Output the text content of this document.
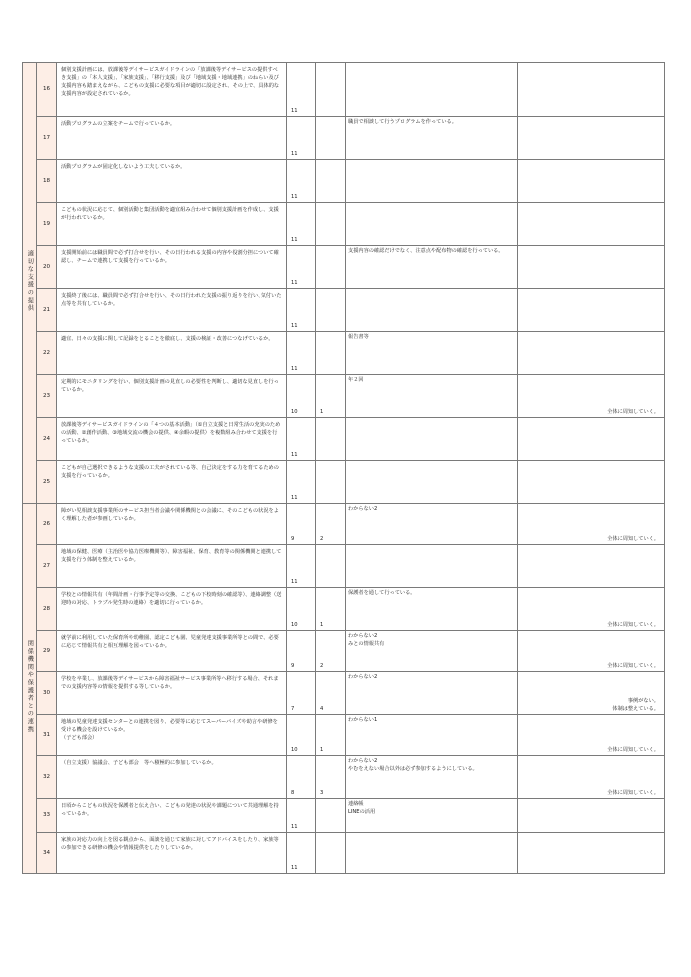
適切な支援の提供	16	個別支援計画には、放課後等デイサービスガイドラインの「放課後等デイサービスの提供すべき支援」の「本人支援」、「家族支援」、「移行支援」及び「地域支援・地域連携」のねらい及び支援内容も踏まえながら、こどもの支援に必要な項目が適切に設定され、その上で、具体的な支援内容が設定されているか。	11			

	17	活動プログラムの立案をチームで行っているか。	11		職員で相談して行うプログラムを作っている。	

	18	活動プログラムが固定化しないよう工夫しているか。	11			

	19	こどもの状況に応じて、個別活動と集団活動を適宜組み合わせて個別支援計画を作成し、支援が行われているか。	11			

	20	支援開始前には職員間で必ず打合せを行い、その日行われる支援の内容や役割分担について確認し、チームで連携して支援を行っているか。	11		支援内容の確認だけでなく、注意点や配布物の確認を行っている。	

	21	支援終了後には、職員間で必ず打合せを行い、その日行われた支援の振り返りを行い､気付いた点等を共有しているか。	11			

	22	適宜、日々の支援に関して記録をとることを徹底し、支援の検証・改善につなげているか。	11		報告書等	

	23	定期的にモニタリングを行い、個別支援計画の見直しの必要性を判断し、適切な見直しを行っているか。	10	1	年２回	全体に周知していく。

	24	放課後等デイサービスガイドラインの「４つの基本活動」（①自立支援と日常生活の充実のための活動、②創作活動、③地域交流の機会の提供、④余暇の提供）を複数組み合わせて支援を行っているか。	11			

	25	こどもが自己選択できるような支援の工夫がされている等、自己決定をする力を育てるための支援を行っているか。	11			

関係機関や保護者との連携	26	障がい児相談支援事業所のサービス担当者会議や関係機関との会議に、そのこどもの状況をよく理解した者が参画しているか。	9	2	わからない2	全体に周知していく。

	27	地域の保健、医療（主治医や協力医療機関等）、障害福祉、保育、教育等の関係機関と連携して支援を行う体制を整えているか。	11			

	28	学校との情報共有（年間計画・行事予定等の交換、こどもの下校時刻の確認等）、連絡調整（送迎時の対応、トラブル発生時の連絡）を適切に行っているか。	10	1	保護者を通して行っている。	全体に周知していく。

	29	就学前に利用していた保育所や幼稚園、認定こども園、児童発達支援事業所等との間で、必要に応じて情報共有と相互理解を図っているか。	9	2	わからない2
みとの情報共有	全体に周知していく。

	30	学校を卒業し、放課後等デイサービスから障害福祉サービス事業所等へ移行する場合、それまでの支援内容等の情報を提供する等しているか。	7	4	わからない2	事例がない。
体制は整えている。

	31	地域の児童発達支援センターとの連携を図り、必要等に応じてスーパーバイズや助言や研修を受ける機会を設けているか。
（子ども部会）	10	1	わからない1	全体に周知していく。

	32	（自立支援）協議会、子ども部会　等へ積極的に参加しているか。	8	3	わからない2
やむをえない場合以外は必ず参加するようにしている。	全体に周知していく。

	33	日頃からこどもの状況を保護者と伝え合い、こどもの発達の状況や課題について共通理解を持っているか。	11		連絡帳
LINEの活用	

	34	家族の対応力の向上を図る観点から、面談を通じて家族に対してアドバイスをしたり、家族等の参加できる研修の機会や情報提供をしたりしているか。	11			
